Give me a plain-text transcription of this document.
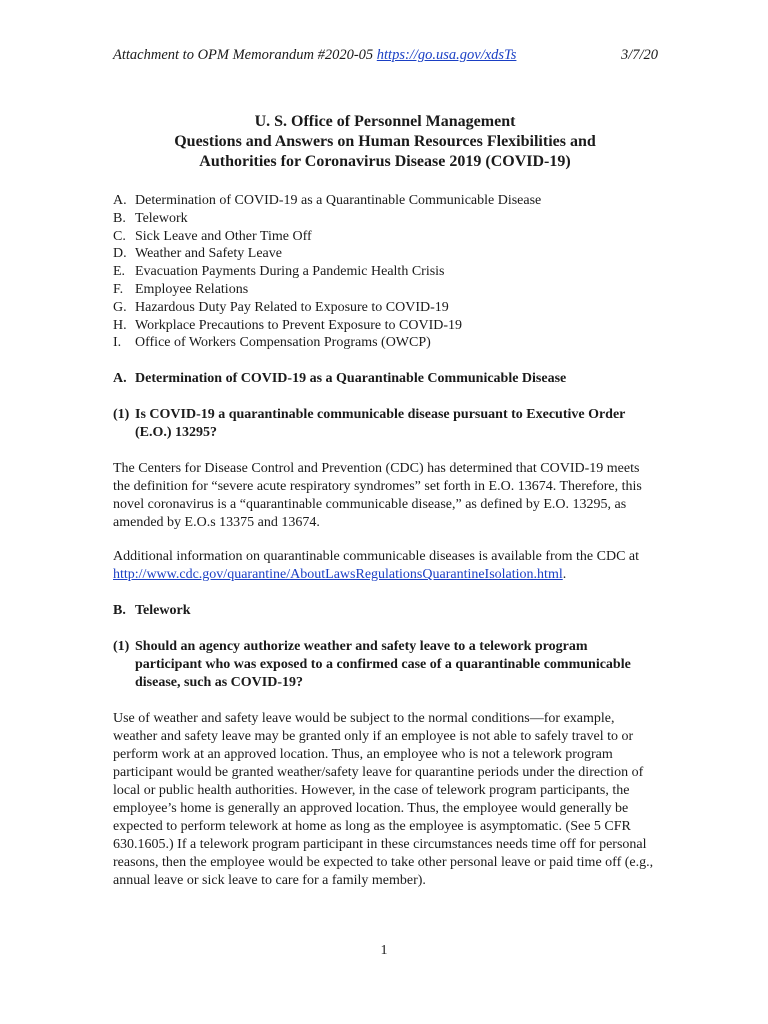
Attachment to OPM Memorandum #2020-05 https://go.usa.gov/xdsTs	3/7/20
U. S. Office of Personnel Management
Questions and Answers on Human Resources Flexibilities and
Authorities for Coronavirus Disease 2019 (COVID-19)
A. Determination of COVID-19 as a Quarantinable Communicable Disease
B. Telework
C. Sick Leave and Other Time Off
D. Weather and Safety Leave
E. Evacuation Payments During a Pandemic Health Crisis
F. Employee Relations
G. Hazardous Duty Pay Related to Exposure to COVID-19
H. Workplace Precautions to Prevent Exposure to COVID-19
I. Office of Workers Compensation Programs (OWCP)
A. Determination of COVID-19 as a Quarantinable Communicable Disease
(1) Is COVID-19 a quarantinable communicable disease pursuant to Executive Order (E.O.) 13295?

The Centers for Disease Control and Prevention (CDC) has determined that COVID-19 meets the definition for “severe acute respiratory syndromes” set forth in E.O. 13674. Therefore, this novel coronavirus is a “quarantinable communicable disease,” as defined by E.O. 13295, as amended by E.O.s 13375 and 13674.

Additional information on quarantinable communicable diseases is available from the CDC at http://www.cdc.gov/quarantine/AboutLawsRegulationsQuarantineIsolation.html.

B. Telework
(1) Should an agency authorize weather and safety leave to a telework program participant who was exposed to a confirmed case of a quarantinable communicable disease, such as COVID-19?

Use of weather and safety leave would be subject to the normal conditions—for example, weather and safety leave may be granted only if an employee is not able to safely travel to or perform work at an approved location. Thus, an employee who is not a telework program participant would be granted weather/safety leave for quarantine periods under the direction of local or public health authorities. However, in the case of telework program participants, the employee’s home is generally an approved location. Thus, the employee would generally be expected to perform telework at home as long as the employee is asymptomatic. (See 5 CFR 630.1605.) If a telework program participant in these circumstances needs time off for personal reasons, then the employee would be expected to take other personal leave or paid time off (e.g., annual leave or sick leave to care for a family member).

1
